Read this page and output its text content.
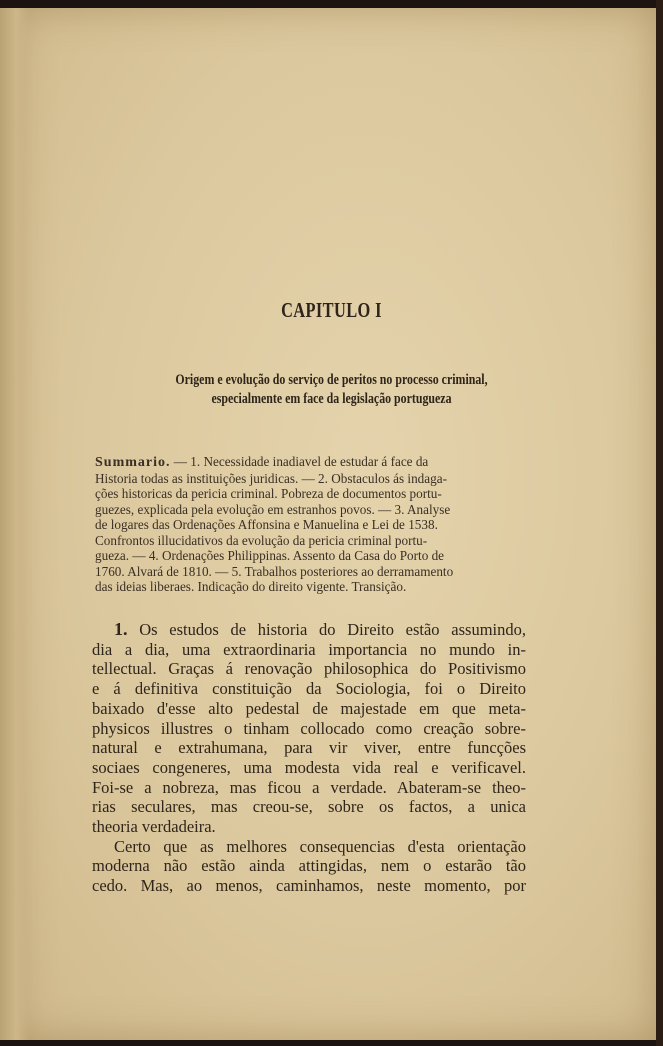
CAPITULO I
Origem e evolução do serviço de peritos no processo criminal,
especialmente em face da legislação portugueza
Summario. — 1. Necessidade inadiavel de estudar á face da
Historia todas as instituições juridicas. — 2. Obstaculos ás indaga-
ções historicas da pericia criminal. Pobreza de documentos portu-
guezes, explicada pela evolução em estranhos povos. — 3. Analyse
de logares das Ordenações Affonsina e Manuelina e Lei de 1538.
Confrontos illucidativos da evolução da pericia criminal portu-
gueza. — 4. Ordenações Philippinas. Assento da Casa do Porto de
1760. Alvará de 1810. — 5. Trabalhos posteriores ao derramamento
das ideias liberaes. Indicação do direito vigente. Transição.
1. Os estudos de historia do Direito estão assumindo,
dia a dia, uma extraordinaria importancia no mundo in-
tellectual. Graças á renovação philosophica do Positivismo
e á definitiva constituição da Sociologia, foi o Direito
baixado d'esse alto pedestal de majestade em que meta-
physicos illustres o tinham collocado como creação sobre-
natural e extrahumana, para vir viver, entre funcções
sociaes congeneres, uma modesta vida real e verificavel.
Foi-se a nobreza, mas ficou a verdade. Abateram-se theo-
rias seculares, mas creou-se, sobre os factos, a unica
theoria verdadeira.
Certo que as melhores consequencias d'esta orientação
moderna não estão ainda attingidas, nem o estarão tão
cedo. Mas, ao menos, caminhamos, neste momento, por
